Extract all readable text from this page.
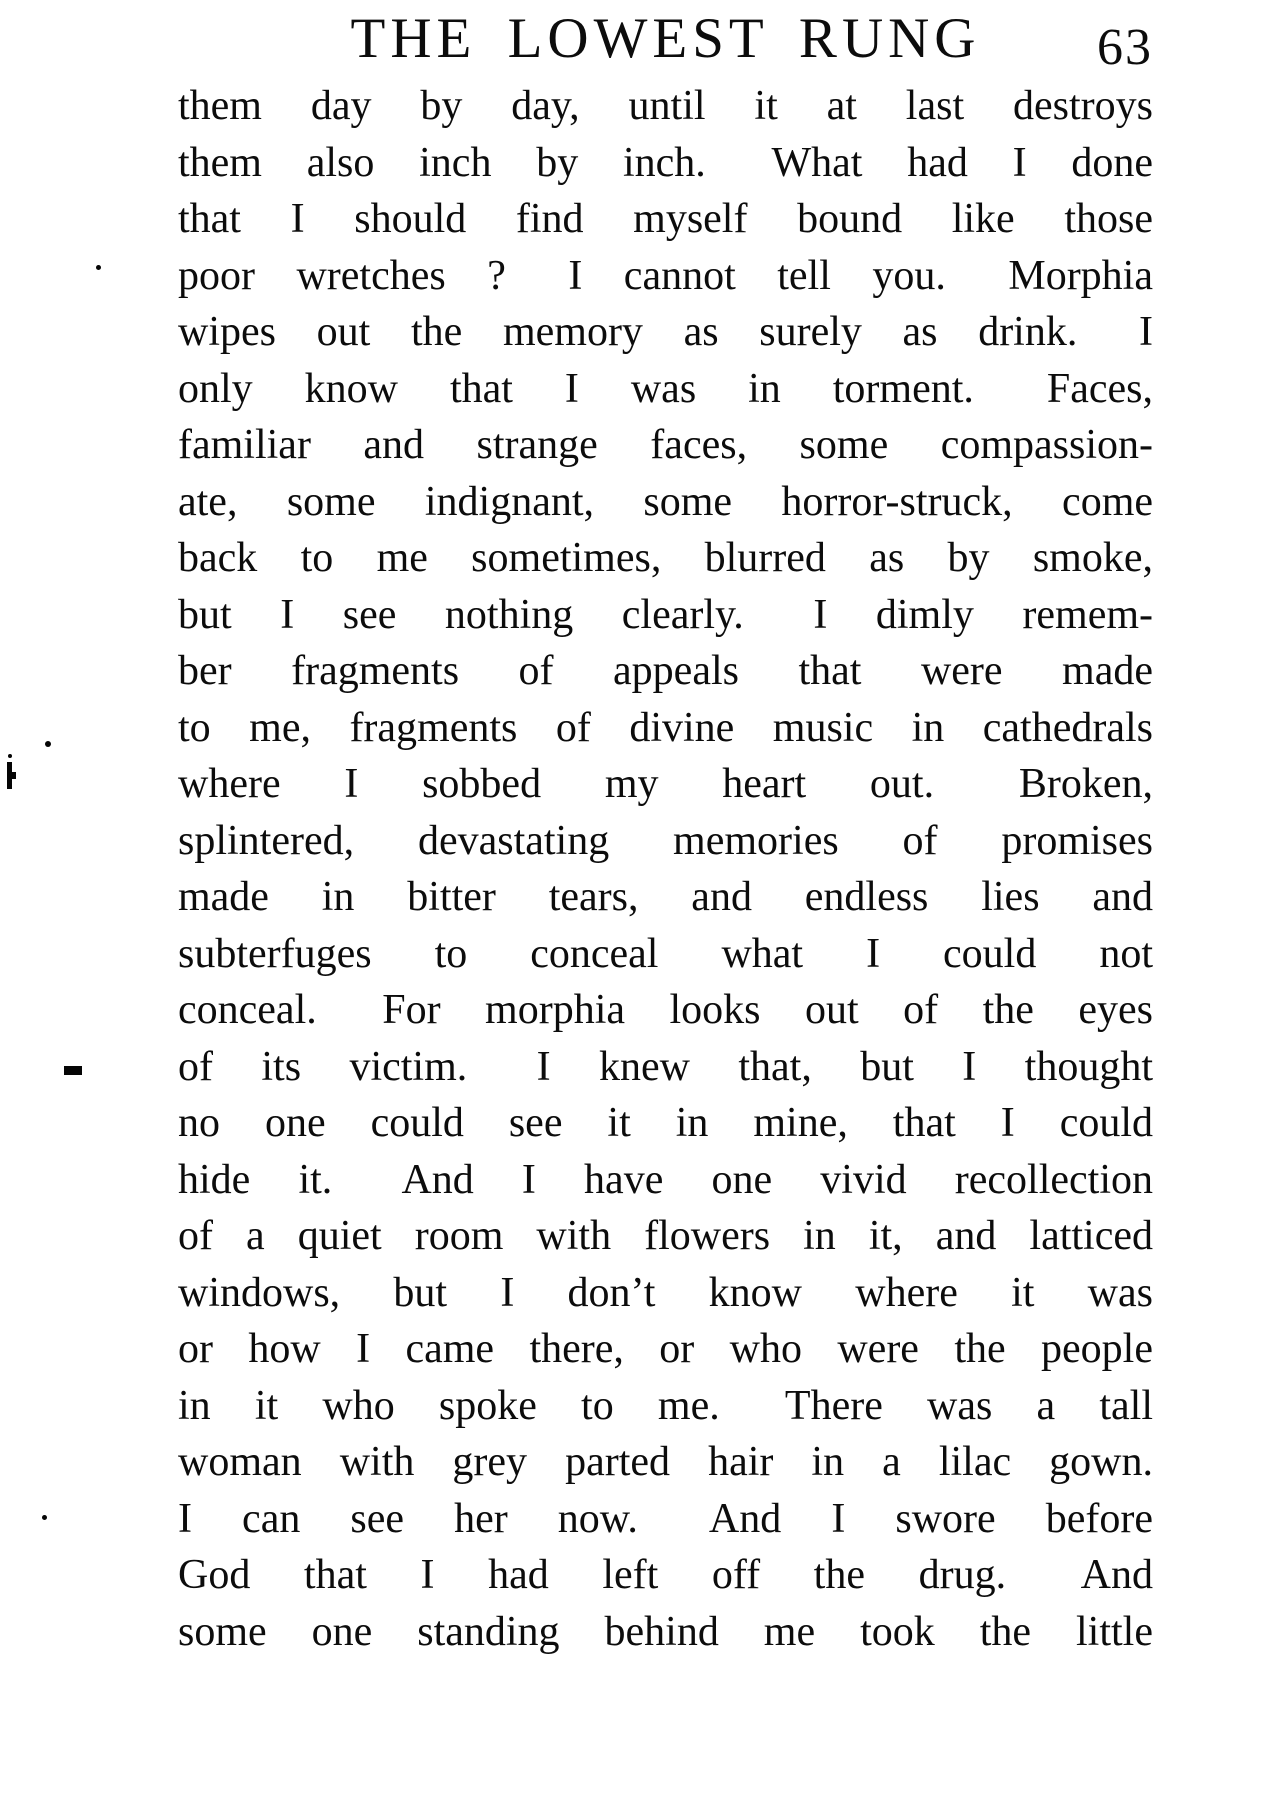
THE LOWEST RUNG	63

them day by day, until it at last destroys

them also inch by inch.  What had I done

that I should find myself bound like those

poor wretches ?  I cannot tell you.  Morphia

wipes out the memory as surely as drink.  I

only know that I was in torment.  Faces,

familiar and strange faces, some compassion-

ate, some indignant, some horror-struck, come

back to me sometimes, blurred as by smoke,

but I see nothing clearly.  I dimly remem-

ber fragments of appeals that were made

to me, fragments of divine music in cathedrals

where I sobbed my heart out.  Broken,

splintered, devastating memories of promises

made in bitter tears, and endless lies and

subterfuges to conceal what I could not

conceal.  For morphia looks out of the eyes

of its victim.  I knew that, but I thought

no one could see it in mine, that I could

hide it.  And I have one vivid recollection

of a quiet room with flowers in it, and latticed

windows, but I don’t know where it was

or how I came there, or who were the people

in it who spoke to me.  There was a tall

woman with grey parted hair in a lilac gown.

I can see her now.  And I swore before

God that I had left off the drug.  And

some one standing behind me took the little
